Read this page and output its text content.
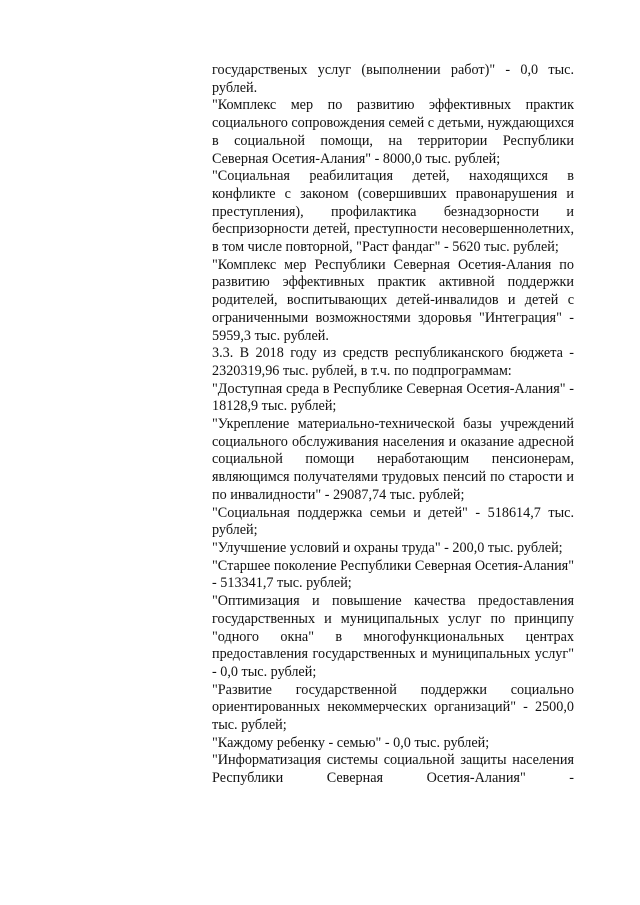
государственых услуг (выполнении работ)" - 0,0 тыс. рублей.

"Комплекс мер по развитию эффективных практик социального сопровождения семей с детьми, нуждающихся в социальной помощи, на территории Республики Северная Осетия-Алания" - 8000,0 тыс. рублей;

"Социальная реабилитация детей, находящихся в конфликте с законом (совершивших правонарушения и преступления), профилактика безнадзорности и беспризорности детей, преступности несовершеннолетних, в том числе повторной, "Раст фандаг" - 5620 тыс. рублей;

"Комплекс мер Республики Северная Осетия-Алания по развитию эффективных практик активной поддержки родителей, воспитывающих детей-инвалидов и детей с ограниченными возможностями здоровья "Интеграция" - 5959,3 тыс. рублей.

3.3. В 2018 году из средств республиканского бюджета - 2320319,96 тыс. рублей, в т.ч. по подпрограммам:

"Доступная среда в Республике Северная Осетия-Алания" - 18128,9 тыс. рублей;

"Укрепление материально-технической базы учреждений социального обслуживания населения и оказание адресной социальной помощи неработающим пенсионерам, являющимся получателями трудовых пенсий по старости и по инвалидности" - 29087,74 тыс. рублей;

"Социальная поддержка семьи и детей" - 518614,7 тыс. рублей;

"Улучшение условий и охраны труда" - 200,0 тыс. рублей;

"Старшее поколение Республики Северная Осетия-Алания" - 513341,7 тыс. рублей;

"Оптимизация и повышение качества предоставления государственных и муниципальных услуг по принципу "одного окна" в многофункциональных центрах предоставления государственных и муниципальных услуг" - 0,0 тыс. рублей;

"Развитие государственной поддержки социально ориентированных некоммерческих организаций" - 2500,0 тыс. рублей;

"Каждому ребенку - семью" - 0,0 тыс. рублей;

"Информатизация системы социальной защиты населения Республики Северная Осетия-Алания" -
